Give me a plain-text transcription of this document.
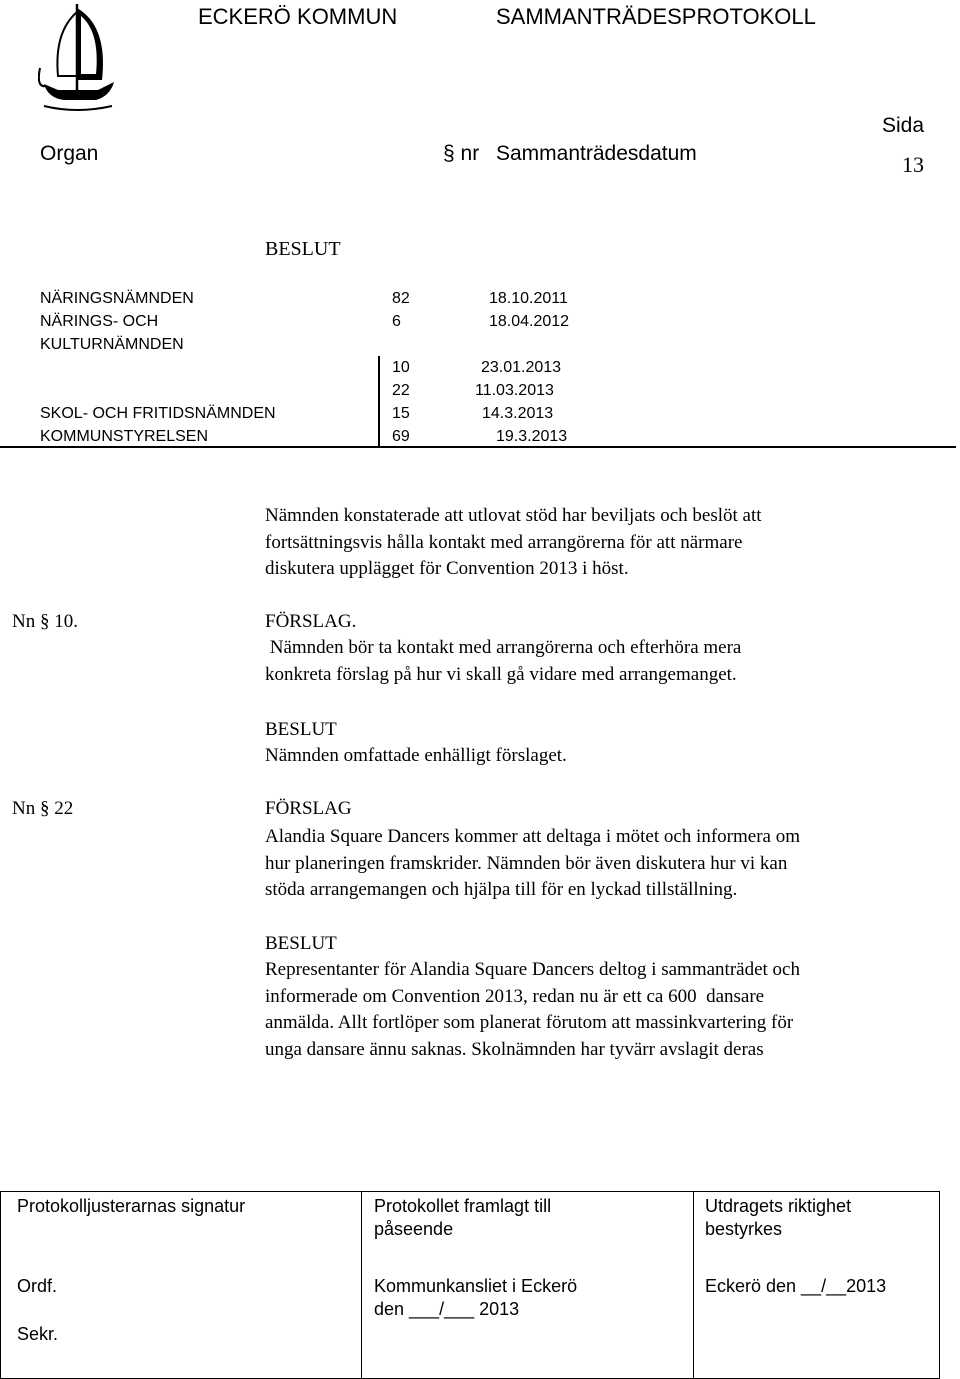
ECKERÖ KOMMUN	SAMMANTRÄDESPROTOKOLL
Organ	§ nr Sammanträdesdatum
Sida
13
BESLUT
NÄRINGSNÄMNDEN	82	18.10.2011
NÄRINGS- OCH	6	18.04.2012
KULTURNÄMNDEN
10	23.01.2013
22	11.03.2013
SKOL- OCH FRITIDSNÄMNDEN	15	14.3.2013
KOMMUNSTYRELSEN	69	19.3.2013
Nämnden konstaterade att utlovat stöd har beviljats och beslöt att
fortsättningsvis hålla kontakt med arrangörerna för att närmare
diskutera upplägget för Convention 2013 i höst.
Nn § 10.	FÖRSLAG.
Nämnden bör ta kontakt med arrangörerna och efterhöra mera
konkreta förslag på hur vi skall gå vidare med arrangemanget.
BESLUT
Nämnden omfattade enhälligt förslaget.
Nn § 22	FÖRSLAG
Alandia Square Dancers kommer att deltaga i mötet och informera om
hur planeringen framskrider. Nämnden bör även diskutera hur vi kan
stöda arrangemangen och hjälpa till för en lyckad tillställning.
BESLUT
Representanter för Alandia Square Dancers deltog i sammanträdet och
informerade om Convention 2013, redan nu är ett ca 600  dansare
anmälda. Allt fortlöper som planerat förutom att massinkvartering för
unga dansare ännu saknas. Skolnämnden har tyvärr avslagit deras
Protokolljusterarnas signatur
Ordf.
Sekr.
Protokollet framlagt till
påseende
Kommunkansliet i Eckerö
den ___/___ 2013
Utdragets riktighet
bestyrkes
Eckerö den __/__2013
